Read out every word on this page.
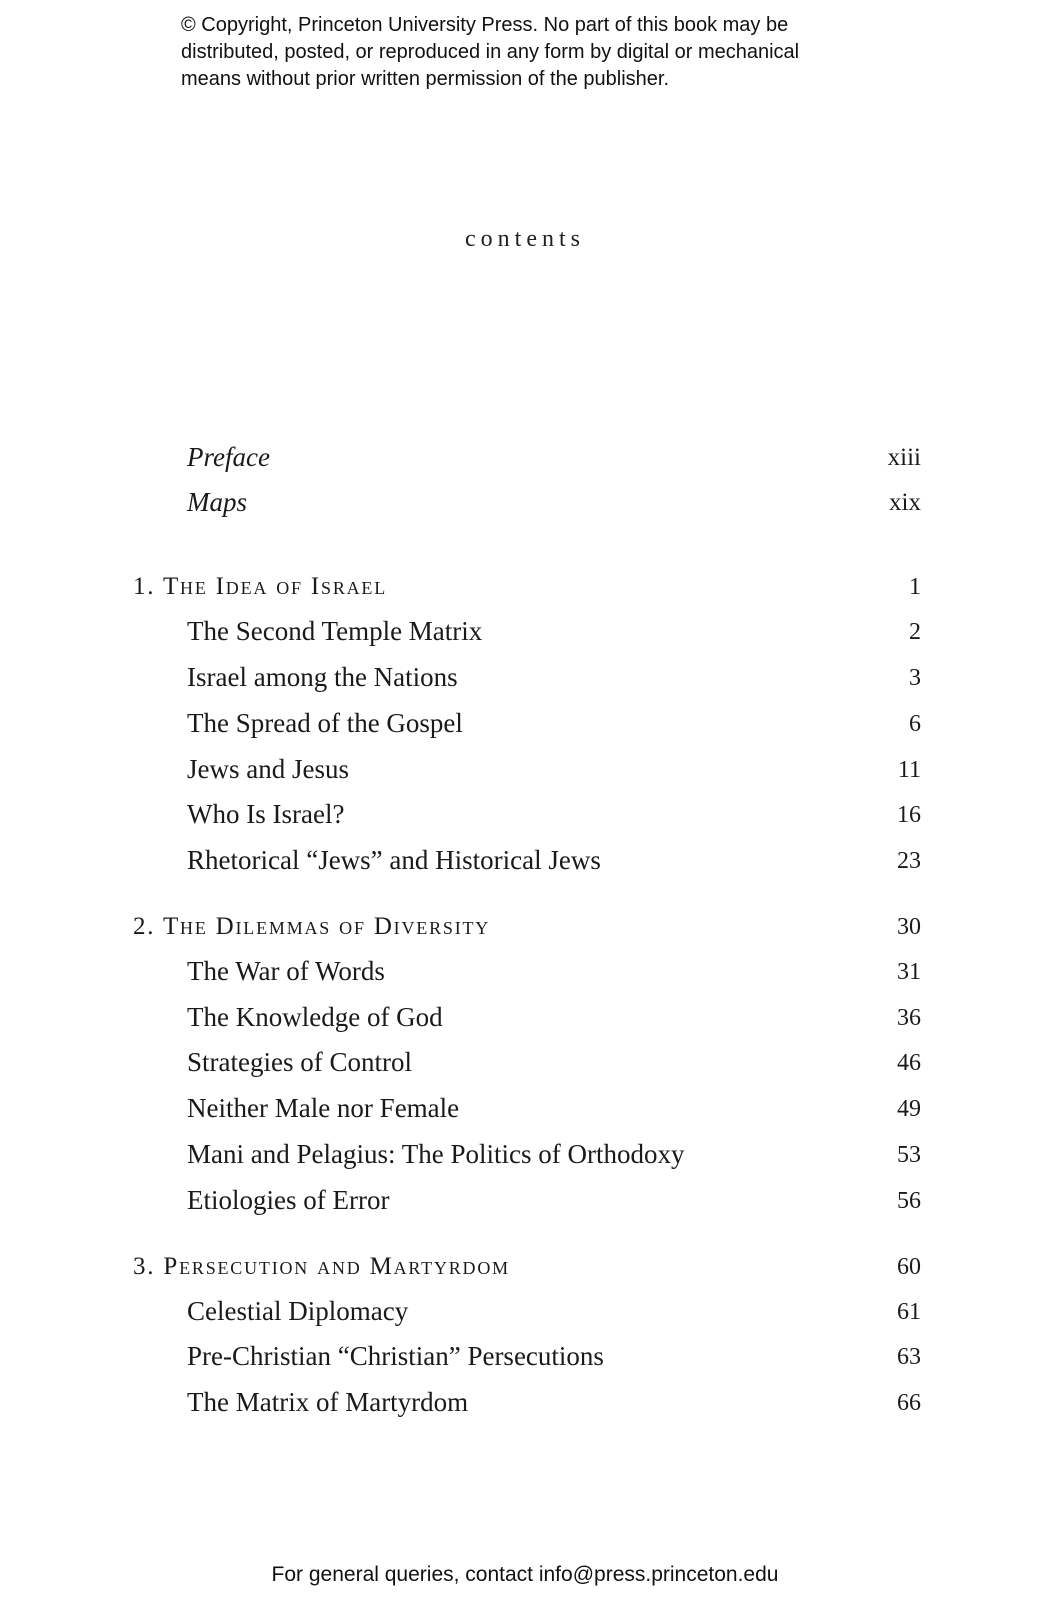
© Copyright, Princeton University Press. No part of this book may be
distributed, posted, or reproduced in any form by digital or mechanical
means without prior written permission of the publisher.
contents
Preface	xiii
Maps	xix
1. The Idea of Israel	1
The Second Temple Matrix	2
Israel among the Nations	3
The Spread of the Gospel	6
Jews and Jesus	11
Who Is Israel?	16
Rhetorical “Jews” and Historical Jews	23
2. The Dilemmas of Diversity	30
The War of Words	31
The Knowledge of God	36
Strategies of Control	46
Neither Male nor Female	49
Mani and Pelagius: The Politics of Orthodoxy	53
Etiologies of Error	56
3. Persecution and Martyrdom	60
Celestial Diplomacy	61
Pre-Christian “Christian” Persecutions	63
The Matrix of Martyrdom	66
For general queries, contact info@press.princeton.edu
